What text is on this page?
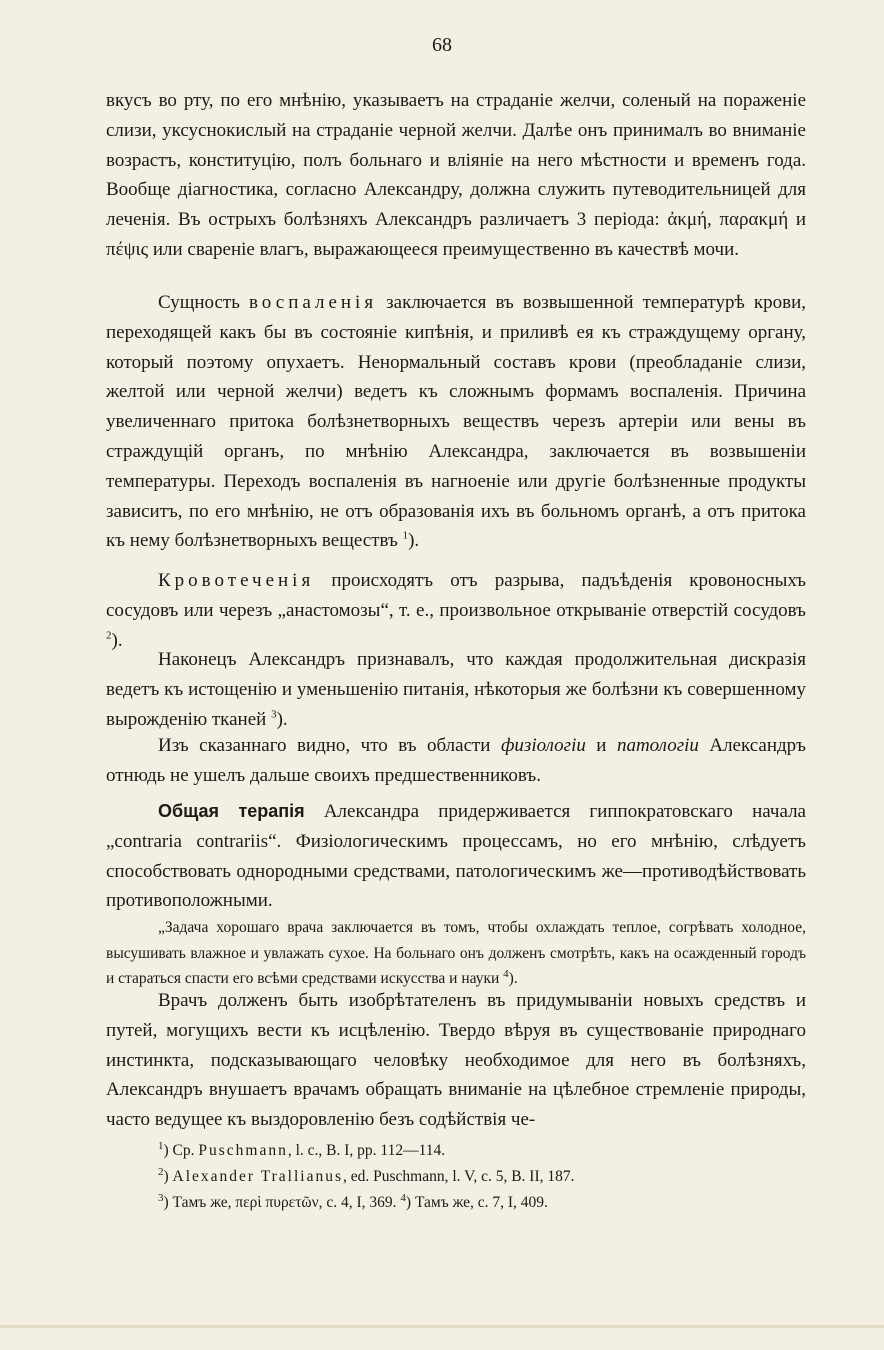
68

вкусъ во рту, по его мнѣнію, указываетъ на страданіе желчи, соленый на пораженіе слизи, уксуснокислый на страданіе черной желчи. Далѣе онъ принималъ во вниманіе возрастъ, конституцію, полъ больнаго и вліяніе на него мѣстности и временъ года. Вообще діагностика, согласно Александру, должна служить путеводительницей для леченія. Въ острыхъ болѣзняхъ Александръ различаетъ 3 періода: ἀκμή, παρακμή и πέψις или свареніе влагъ, выражающееся преимущественно въ качествѣ мочи.

Сущность воспаленія заключается въ возвышенной температурѣ крови, переходящей какъ бы въ состояніе кипѣнія, и приливѣ ея къ страждущему органу, который поэтому опухаетъ. Ненормальный составъ крови (преобладаніе слизи, желтой или черной желчи) ведетъ къ сложнымъ формамъ воспаленія. Причина увеличеннаго притока болѣзнетворныхъ веществъ черезъ артеріи или вены въ страждущій органъ, по мнѣнію Александра, заключается въ возвышеніи температуры. Переходъ воспаленія въ нагноеніе или другіе болѣзненные продукты зависитъ, по его мнѣнію, не отъ образованія ихъ въ больномъ органѣ, а отъ притока къ нему болѣзнетворныхъ веществъ $^1$).

Кровотеченія происходятъ отъ разрыва, падъѣденія кровоносныхъ сосудовъ или черезъ „анастомозы“, т. е., произвольное открываніе отверстій сосудовъ $^2$).

Наконецъ Александръ признавалъ, что каждая продолжительная дискразія ведетъ къ истощенію и уменьшенію питанія, нѣкоторыя же болѣзни къ совершенному вырожденію тканей $^3$).

Изъ сказаннаго видно, что въ области физіологіи и патологіи Александръ отнюдь не ушелъ дальше своихъ предшественниковъ.

Общая терапія Александра придерживается гиппократовскаго начала „contraria contrariis“. Физіологическимъ процессамъ, но его мнѣнію, слѣдуетъ способствовать однородными средствами, патологическимъ же—противодѣйствовать противоположными.

„Задача хорошаго врача заключается въ томъ, чтобы охлаждать теплое, согрѣвать холодное, высушивать влажное и увлажать сухое. На больнаго онъ долженъ смотрѣть, какъ на осажденный городъ и стараться спасти его всѣми средствами искусства и науки $^4$).

Врачъ долженъ быть изобрѣтателенъ въ придумываніи новыхъ средствъ и путей, могущихъ вести къ исцѣленію. Твердо вѣруя въ существованіе природнаго инстинкта, подсказывающаго человѣку необходимое для него въ болѣзняхъ, Александръ внушаетъ врачамъ обращать вниманіе на цѣлебное стремленіе природы, часто ведущее къ выздоровленію безъ содѣйствія че-

$^1$) Ср. Puschmann, l. c., B. I, pp. 112—114.

$^2$) Alexander Trallianus, ed. Puschmann, l. V, c. 5, B. II, 187.

$^3$) Тамъ же, περὶ πυρετῶν, c. 4, I, 369. $^4$) Тамъ же, c. 7, I, 409.
